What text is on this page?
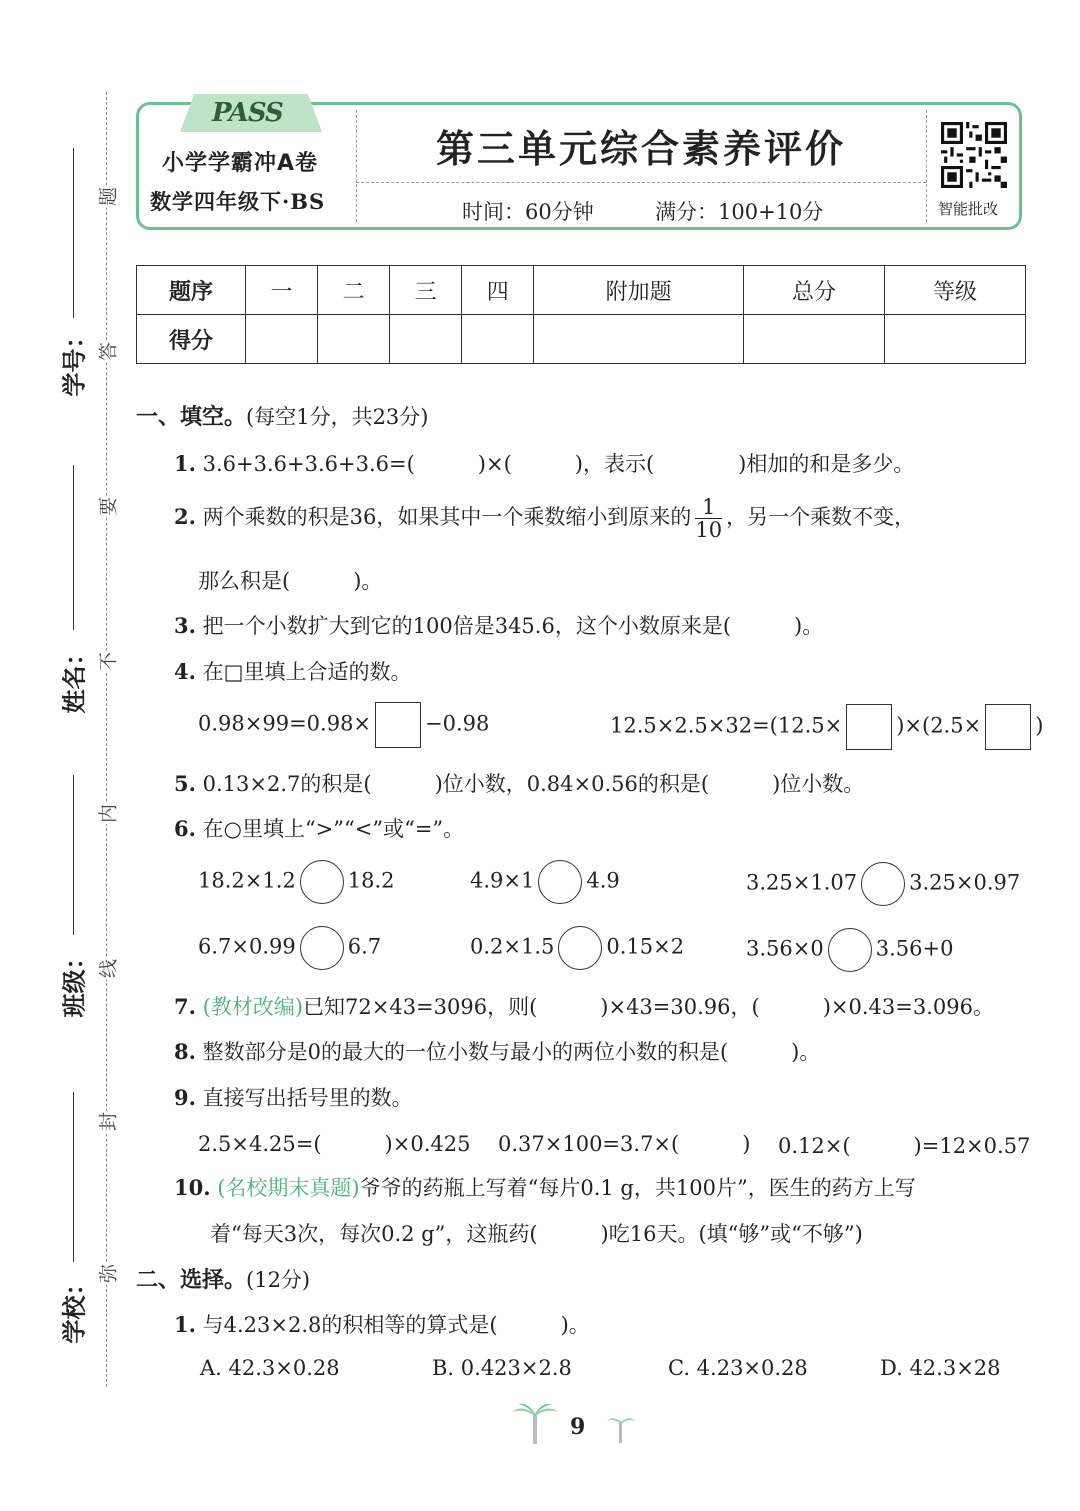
学号：
姓名：
班级：
学校：
题
答
要
不
内
线
封
弥
PASS
小学学霸冲A卷
数学四年级下·BS
第三单元综合素养评价
时间：60分钟	满分：100+10分	智能批改
题序	一	二	三	四	附加题	总分	等级
得分							
一、填空。(每空1分，共23分)
1. 3.6+3.6+3.6+3.6=(　　　)×(　　　)，表示(　　　　)相加的和是多少。
2. 两个乘数的积是36，如果其中一个乘数缩小到原来的 $\frac{1}{10}$ ，另一个乘数不变，
那么积是(　　　)。
3. 把一个小数扩大到它的100倍是345.6，这个小数原来是(　　　)。
4. 在□里填上合适的数。
0.98×99=0.98×	−0.98	12.5×2.5×32=(12.5×	)×(2.5×	)
5. 0.13×2.7的积是(　　　)位小数，0.84×0.56的积是(　　　)位小数。
6. 在○里填上“>”“<”或“=”。
18.2×1.2 18.2	4.9×1 4.9	3.25×1.07 3.25×0.97
6.7×0.99 6.7	0.2×1.5 0.15×2	3.56×0 3.56+0
7. (教材改编)已知72×43=3096，则(　　　)×43=30.96，(　　　)×0.43=3.096。
8. 整数部分是0的最大的一位小数与最小的两位小数的积是(　　　)。
9. 直接写出括号里的数。
2.5×4.25=(　　　)×0.425 0.37×100=3.7×(　　　) 0.12×(　　　)=12×0.57
10. (名校期末真题)爷爷的药瓶上写着“每片0.1 g，共100片”，医生的药方上写
着“每天3次，每次0.2 g”，这瓶药(　　　)吃16天。(填“够”或“不够”)
二、选择。(12分)
1. 与4.23×2.8的积相等的算式是(　　　)。
A. 42.3×0.28	B. 0.423×2.8	C. 4.23×0.28	D. 42.3×28
9
